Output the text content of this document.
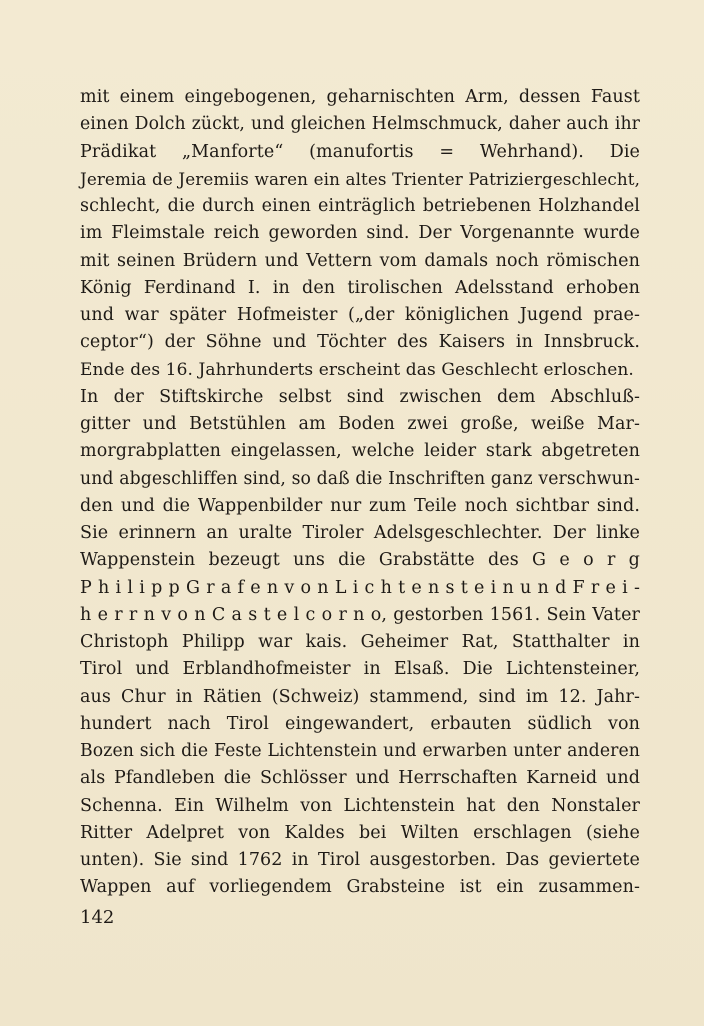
mit einem eingebogenen, geharnischten Arm, dessen Faust
einen Dolch zückt, und gleichen Helmschmuck, daher auch ihr
Prädikat „Manforte“ (manufortis = Wehrhand). Die
Jeremia de Jeremiis waren ein altes Trienter Patriziergeschlecht,
schlecht, die durch einen einträglich betriebenen Holzhandel
im Fleimstale reich geworden sind. Der Vorgenannte wurde
mit seinen Brüdern und Vettern vom damals noch römischen
König Ferdinand I. in den tirolischen Adelsstand erhoben
und war später Hofmeister („der königlichen Jugend prae-
ceptor“) der Söhne und Töchter des Kaisers in Innsbruck.
Ende des 16. Jahrhunderts erscheint das Geschlecht erloschen.
In der Stiftskirche selbst sind zwischen dem Abschluß-
gitter und Betstühlen am Boden zwei große, weiße Mar-
morgrabplatten eingelassen, welche leider stark abgetreten
und abgeschliffen sind, so daß die Inschriften ganz verschwun-
den und die Wappenbilder nur zum Teile noch sichtbar sind.
Sie erinnern an uralte Tiroler Adelsgeschlechter. Der linke
Wappenstein bezeugt uns die Grabstätte des G e o r g
P h i l i p p G r a f e n v o n L i c h t e n s t e i n u n d F r e i -
h e r r n v o n C a s t e l c o r n o, gestorben 1561. Sein Vater
Christoph Philipp war kais. Geheimer Rat, Statthalter in
Tirol und Erblandhofmeister in Elsaß. Die Lichtensteiner,
aus Chur in Rätien (Schweiz) stammend, sind im 12. Jahr-
hundert nach Tirol eingewandert, erbauten südlich von
Bozen sich die Feste Lichtenstein und erwarben unter anderen
als Pfandleben die Schlösser und Herrschaften Karneid und
Schenna. Ein Wilhelm von Lichtenstein hat den Nonstaler
Ritter Adelpret von Kaldes bei Wilten erschlagen (siehe
unten). Sie sind 1762 in Tirol ausgestorben. Das geviertete
Wappen auf vorliegendem Grabsteine ist ein zusammen-
142
